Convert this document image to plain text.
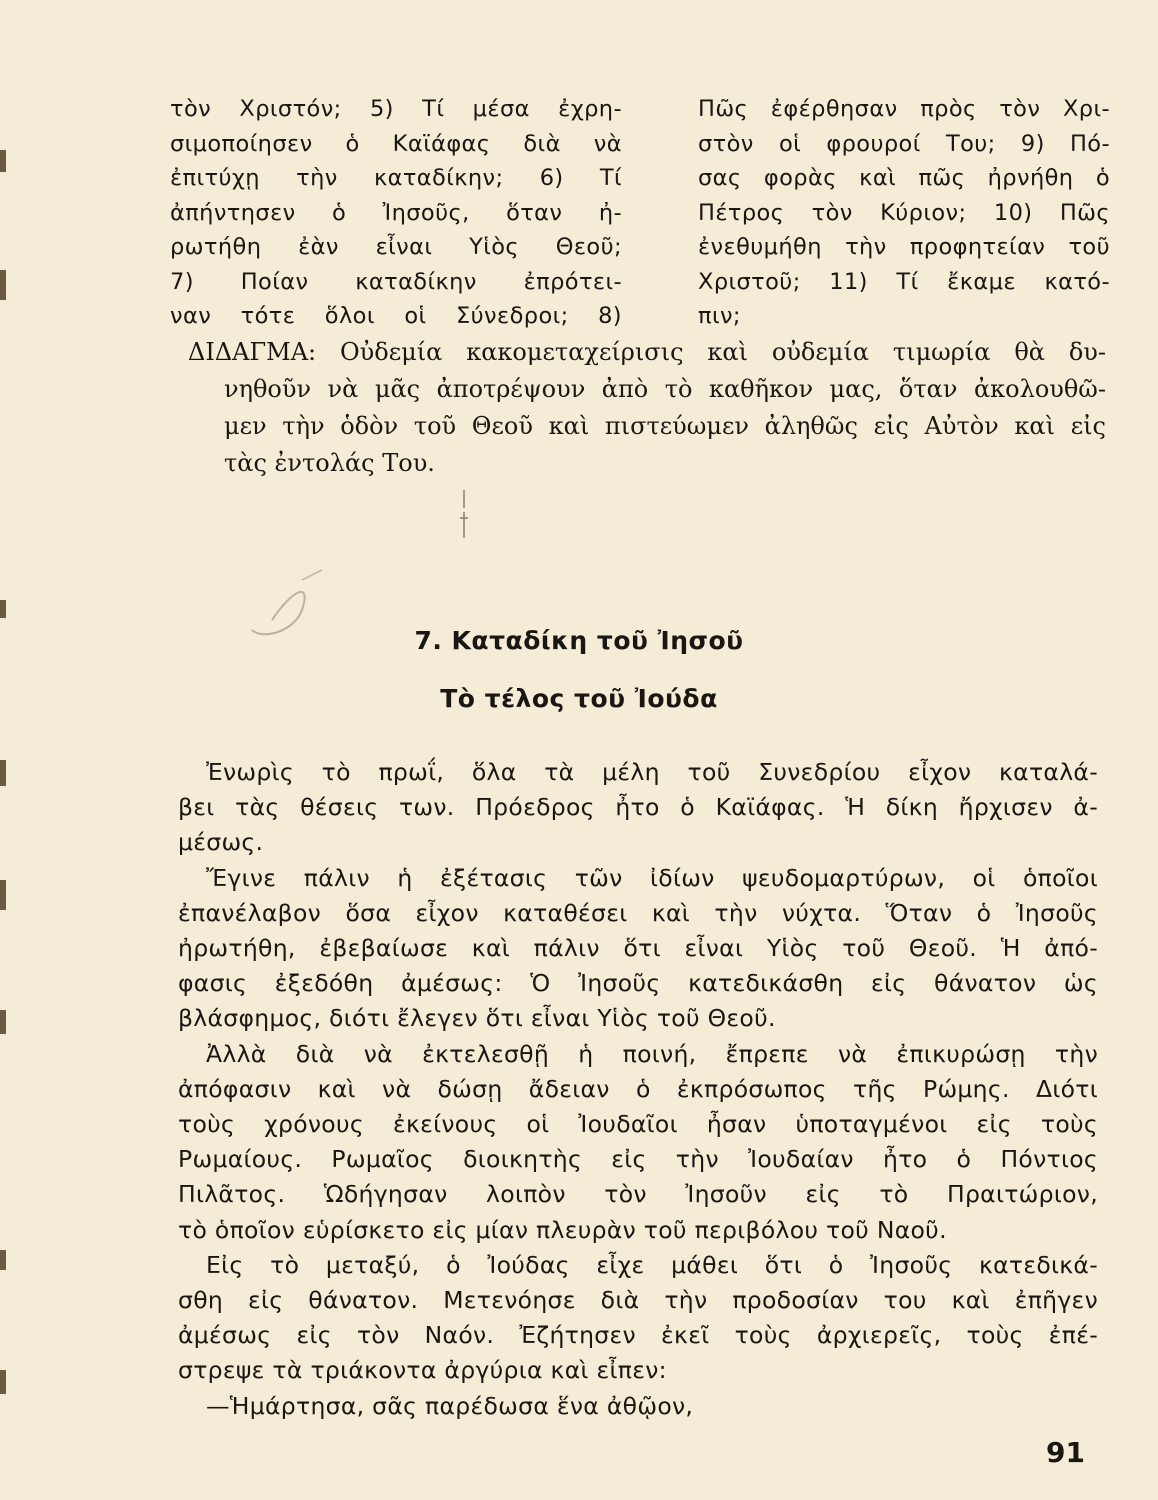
τὸν Χριστόν; 5) Τί μέσα ἐχρη-
σιμοποίησεν ὁ Καϊάφας διὰ νὰ
ἐπιτύχῃ τὴν καταδίκην; 6) Τί
ἀπήντησεν ὁ Ἰησοῦς, ὅταν ἠ-
ρωτήθη ἐὰν εἶναι Υἱὸς Θεοῦ;
7) Ποίαν καταδίκην ἐπρότει-
ναν τότε ὅλοι οἱ Σύνεδροι; 8)
Πῶς ἐφέρθησαν πρὸς τὸν Χρι-
στὸν οἱ φρουροί Του; 9) Πό-
σας φορὰς καὶ πῶς ἠρνήθη ὁ
Πέτρος τὸν Κύριον; 10) Πῶς
ἐνεθυμήθη τὴν προφητείαν τοῦ
Χριστοῦ; 11) Τί ἔκαμε κατό-
πιν;
ΔΙΔΑΓΜΑ: Οὐδεμία κακομεταχείρισις καὶ οὐδεμία τιμωρία θὰ δυ-
νηθοῦν νὰ μᾶς ἀποτρέψουν ἀπὸ τὸ καθῆκον μας, ὅταν ἀκολουθῶ-
μεν τὴν ὁδὸν τοῦ Θεοῦ καὶ πιστεύωμεν ἀληθῶς εἰς Αὐτὸν καὶ εἰς
τὰς ἐντολάς Του.
7. Καταδίκη τοῦ Ἰησοῦ
Τὸ τέλος τοῦ Ἰούδα
Ἐνωρὶς τὸ πρωΐ, ὅλα τὰ μέλη τοῦ Συνεδρίου εἶχον καταλά-
βει τὰς θέσεις των. Πρόεδρος ἦτο ὁ Καϊάφας. Ἡ δίκη ἤρχισεν ἀ-
μέσως.
Ἔγινε πάλιν ἡ ἐξέτασις τῶν ἰδίων ψευδομαρτύρων, οἱ ὁποῖοι
ἐπανέλαβον ὅσα εἶχον καταθέσει καὶ τὴν νύχτα. Ὅταν ὁ Ἰησοῦς
ἠρωτήθη, ἐβεβαίωσε καὶ πάλιν ὅτι εἶναι Υἱὸς τοῦ Θεοῦ. Ἡ ἀπό-
φασις ἐξεδόθη ἀμέσως: Ὁ Ἰησοῦς κατεδικάσθη εἰς θάνατον ὡς
βλάσφημος, διότι ἔλεγεν ὅτι εἶναι Υἱὸς τοῦ Θεοῦ.
Ἀλλὰ διὰ νὰ ἐκτελεσθῇ ἡ ποινή, ἔπρεπε νὰ ἐπικυρώσῃ τὴν
ἀπόφασιν καὶ νὰ δώσῃ ἄδειαν ὁ ἐκπρόσωπος τῆς Ρώμης. Διότι
τοὺς χρόνους ἐκείνους οἱ Ἰουδαῖοι ἦσαν ὑποταγμένοι εἰς τοὺς
Ρωμαίους. Ρωμαῖος διοικητὴς εἰς τὴν Ἰουδαίαν ἦτο ὁ Πόντιος
Πιλᾶτος. Ὡδήγησαν λοιπὸν τὸν Ἰησοῦν εἰς τὸ Πραιτώριον,
τὸ ὁποῖον εὑρίσκετο εἰς μίαν πλευρὰν τοῦ περιβόλου τοῦ Ναοῦ.
Εἰς τὸ μεταξύ, ὁ Ἰούδας εἶχε μάθει ὅτι ὁ Ἰησοῦς κατεδικά-
σθη εἰς θάνατον. Μετενόησε διὰ τὴν προδοσίαν του καὶ ἐπῆγεν
ἀμέσως εἰς τὸν Ναόν. Ἐζήτησεν ἐκεῖ τοὺς ἀρχιερεῖς, τοὺς ἐπέ-
στρεψε τὰ τριάκοντα ἀργύρια καὶ εἶπεν:
—Ἡμάρτησα, σᾶς παρέδωσα ἕνα ἀθῷον,
91
